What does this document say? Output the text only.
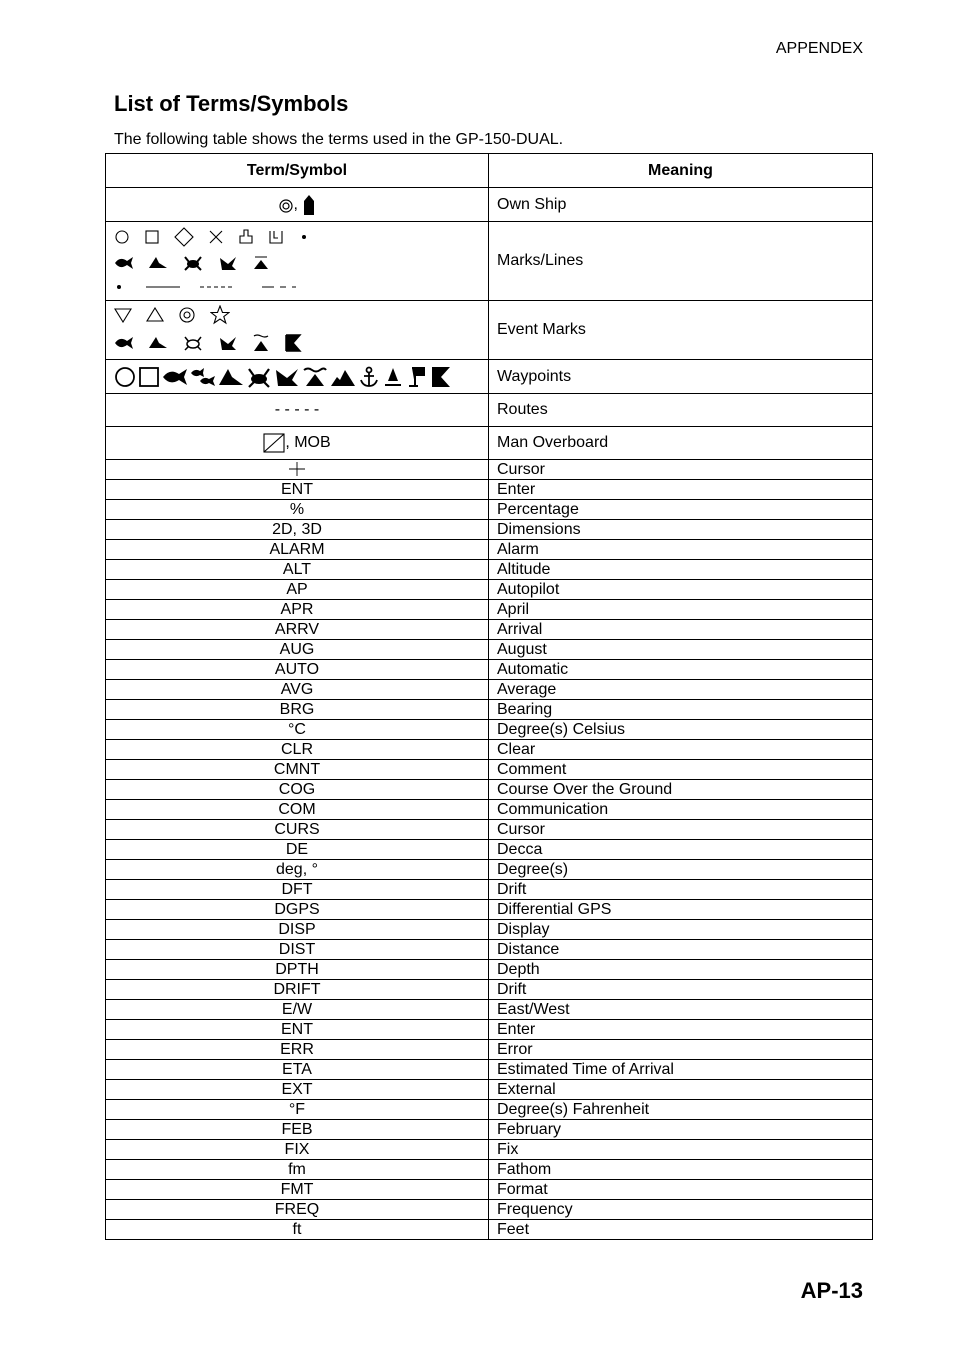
APPENDEX
List of Terms/Symbols
The following table shows the terms used in the GP-150-DUAL.
Term/Symbol	Meaning
,	Own Ship

	Marks/Lines

	Event Marks

	Waypoints
- - - - -	Routes
, MOB	Man Overboard
	Cursor
ENT	Enter
%	Percentage
2D, 3D	Dimensions
ALARM	Alarm
ALT	Altitude
AP	Autopilot
APR	April
ARRV	Arrival
AUG	August
AUTO	Automatic
AVG	Average
BRG	Bearing
°C	Degree(s) Celsius
CLR	Clear
CMNT	Comment
COG	Course Over the Ground
COM	Communication
CURS	Cursor
DE	Decca
deg, °	Degree(s)
DFT	Drift
DGPS	Differential GPS
DISP	Display
DIST	Distance
DPTH	Depth
DRIFT	Drift
E/W	East/West
ENT	Enter
ERR	Error
ETA	Estimated Time of Arrival
EXT	External
°F	Degree(s) Fahrenheit
FEB	February
FIX	Fix
fm	Fathom
FMT	Format
FREQ	Frequency
ft	Feet
AP-13
